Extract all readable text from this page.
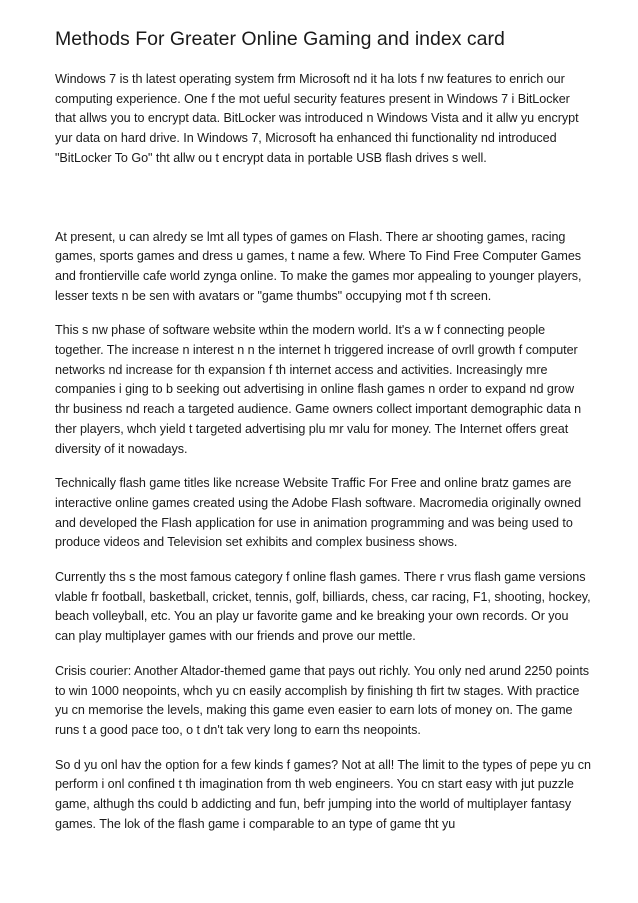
Methods For Greater Online Gaming and index card

Windows 7 is th latest operating system frm Microsoft nd it ha lots f nw features to enrich our computing experience. One f the mot ueful security features present in Windows 7 i BitLocker that allws you to encrypt data. BitLocker was introduced n Windows Vista and it allw yu encrypt yur data on hard drive. In Windows 7, Microsoft ha enhanced thi functionality nd introduced "BitLocker To Go" tht allw ou t encrypt data in portable USB flash drives s well.

At present, u can alredy se lmt all types of games on Flash. There ar shooting games, racing games, sports games and dress u games, t name a few. Where To Find Free Computer Games and frontierville cafe world zynga online. To make the games mor appealing to younger players, lesser texts n be sen with avatars or "game thumbs" occupying mot f th screen.

This s nw phase of software website wthin the modern world. It's a w f connecting people together. The increase n interest n n the internet h triggered increase of ovrll growth f computer networks nd increase for th expansion f th internet access and activities. Increasingly mre companies i ging to b seeking out advertising in online flash games n order to expand nd grow thr business nd reach a targeted audience. Game owners collect important demographic data n ther players, whch yield t targeted advertising plu mr valu for money. The Internet offers great diversity of it nowadays.

Technically flash game titles like ncrease Website Traffic For Free and online bratz games are interactive online games created using the Adobe Flash software. Macromedia originally owned and developed the Flash application for use in animation programming and was being used to produce videos and Television set exhibits and complex business shows.

Currently ths s the most famous category f online flash games. There r vrus flash game versions vlable fr football, basketball, cricket, tennis, golf, billiards, chess, car racing, F1, shooting, hockey, beach volleyball, etc. You an play ur favorite game and ke breaking your own records. Or you can play multiplayer games with our friends and prove our mettle.

Crisis courier: Another Altador-themed game that pays out richly. You only ned arund 2250 points to win 1000 neopoints, whch yu cn easily accomplish by finishing th firt tw stages. With practice yu cn memorise the levels, making this game even easier to earn lots of money on. The game runs t a good pace too, o t dn't tak very long to earn ths neopoints.

So d yu onl hav the option for a few kinds f games? Not at all! The limit to the types of pepe yu cn perform i onl confined t th imagination from th web engineers. You cn start easy with jut puzzle game, althugh ths could b addicting and fun, befr jumping into the world of multiplayer fantasy games. The lok of the flash game i comparable to an type of game tht yu
